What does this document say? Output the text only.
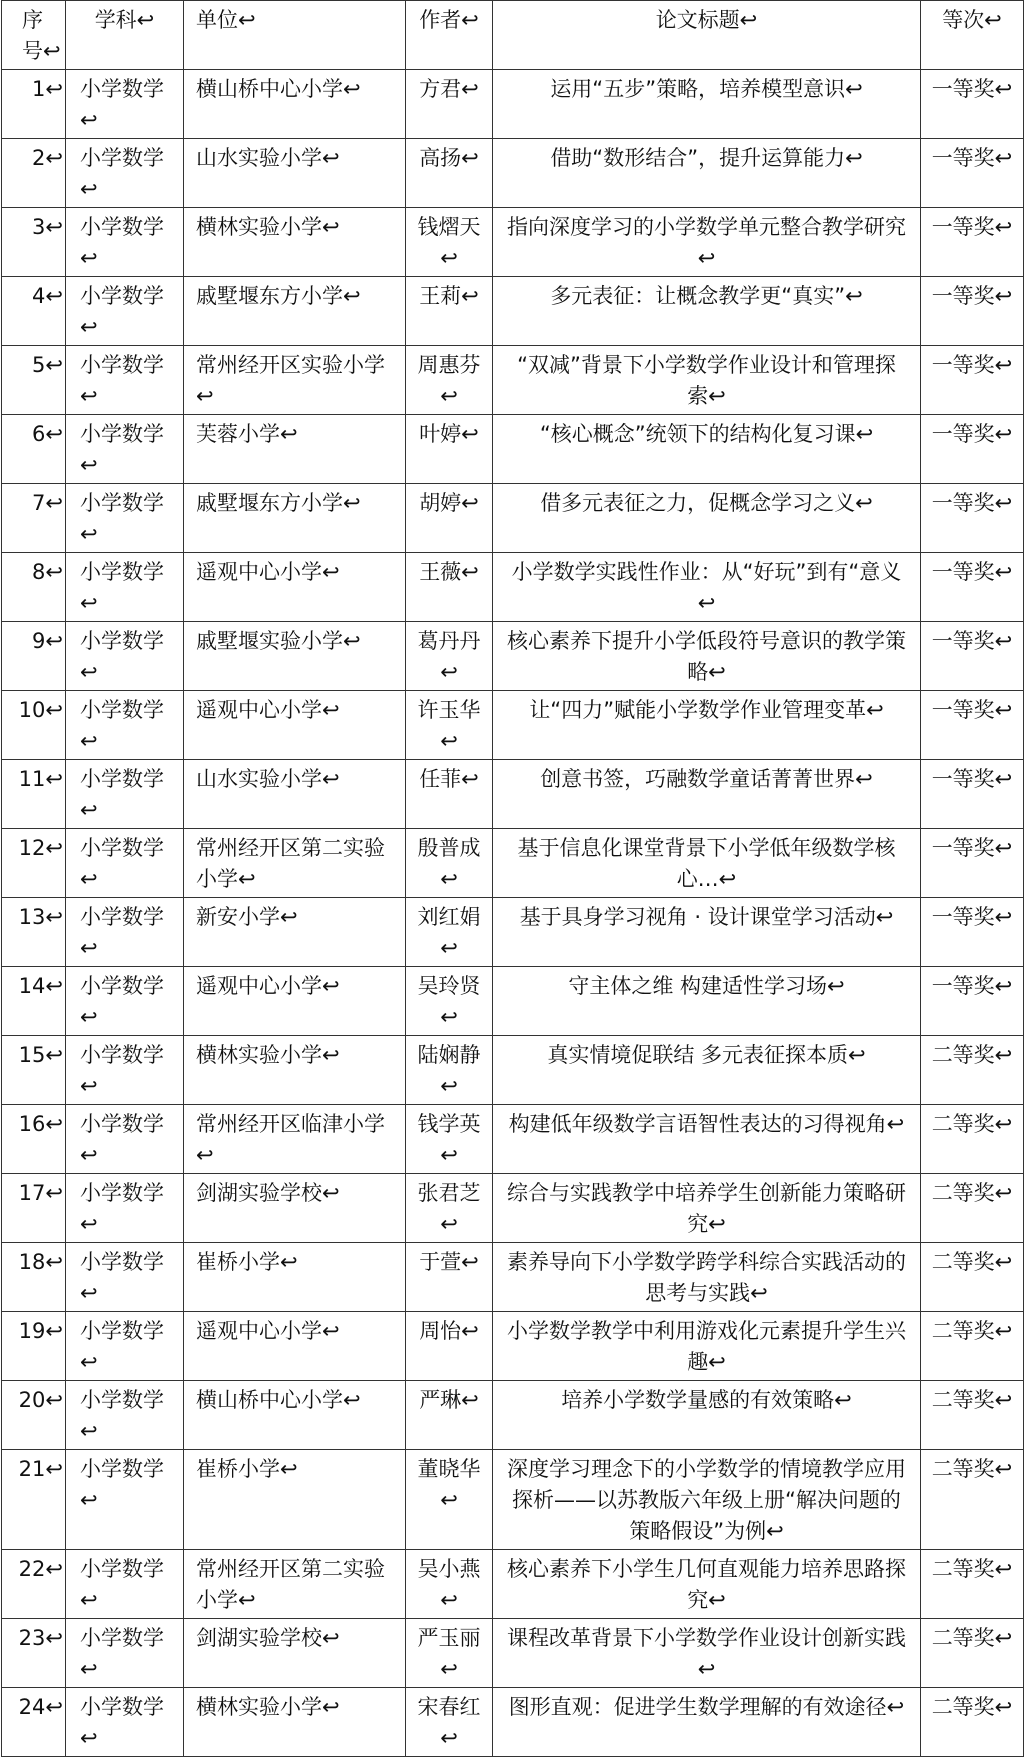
序号↩	学科↩	单位↩	作者↩	论文标题↩	等次↩
1↩	小学数学↩	横山桥中心小学↩	方君↩	运用“五步”策略，培养模型意识↩	一等奖↩
2↩	小学数学↩	山水实验小学↩	高扬↩	借助“数形结合”，提升运算能力↩	一等奖↩
3↩	小学数学↩	横林实验小学↩	钱熠天↩	指向深度学习的小学数学单元整合教学研究↩	一等奖↩
4↩	小学数学↩	戚墅堰东方小学↩	王莉↩	多元表征：让概念教学更“真实”↩	一等奖↩
5↩	小学数学↩	常州经开区实验小学↩	周惠芬↩	“双减”背景下小学数学作业设计和管理探索↩	一等奖↩
6↩	小学数学↩	芙蓉小学↩	叶婷↩	“核心概念”统领下的结构化复习课↩	一等奖↩
7↩	小学数学↩	戚墅堰东方小学↩	胡婷↩	借多元表征之力，促概念学习之义↩	一等奖↩
8↩	小学数学↩	遥观中心小学↩	王薇↩	小学数学实践性作业：从“好玩”到有“意义↩	一等奖↩
9↩	小学数学↩	戚墅堰实验小学↩	葛丹丹↩	核心素养下提升小学低段符号意识的教学策略↩	一等奖↩
10↩	小学数学↩	遥观中心小学↩	许玉华↩	让“四力”赋能小学数学作业管理变革↩	一等奖↩
11↩	小学数学↩	山水实验小学↩	任菲↩	创意书签，巧融数学童话菁菁世界↩	一等奖↩
12↩	小学数学↩	常州经开区第二实验小学↩	殷普成↩	基于信息化课堂背景下小学低年级数学核心…↩	一等奖↩
13↩	小学数学↩	新安小学↩	刘红娟↩	基于具身学习视角 · 设计课堂学习活动↩	一等奖↩
14↩	小学数学↩	遥观中心小学↩	吴玲贤↩	守主体之维 构建适性学习场↩	一等奖↩
15↩	小学数学↩	横林实验小学↩	陆娴静↩	真实情境促联结 多元表征探本质↩	二等奖↩
16↩	小学数学↩	常州经开区临津小学↩	钱学英↩	构建低年级数学言语智性表达的习得视角↩	二等奖↩
17↩	小学数学↩	剑湖实验学校↩	张君芝↩	综合与实践教学中培养学生创新能力策略研究↩	二等奖↩
18↩	小学数学↩	崔桥小学↩	于萱↩	素养导向下小学数学跨学科综合实践活动的思考与实践↩	二等奖↩
19↩	小学数学↩	遥观中心小学↩	周怡↩	小学数学教学中利用游戏化元素提升学生兴趣↩	二等奖↩
20↩	小学数学↩	横山桥中心小学↩	严琳↩	培养小学数学量感的有效策略↩	二等奖↩
21↩	小学数学↩	崔桥小学↩	董晓华↩	深度学习理念下的小学数学的情境教学应用探析——以苏教版六年级上册“解决问题的策略假设”为例↩	二等奖↩
22↩	小学数学↩	常州经开区第二实验小学↩	吴小燕↩	核心素养下小学生几何直观能力培养思路探究↩	二等奖↩
23↩	小学数学↩	剑湖实验学校↩	严玉丽↩	课程改革背景下小学数学作业设计创新实践↩	二等奖↩
24↩	小学数学↩	横林实验小学↩	宋春红↩	图形直观：促进学生数学理解的有效途径↩	二等奖↩
